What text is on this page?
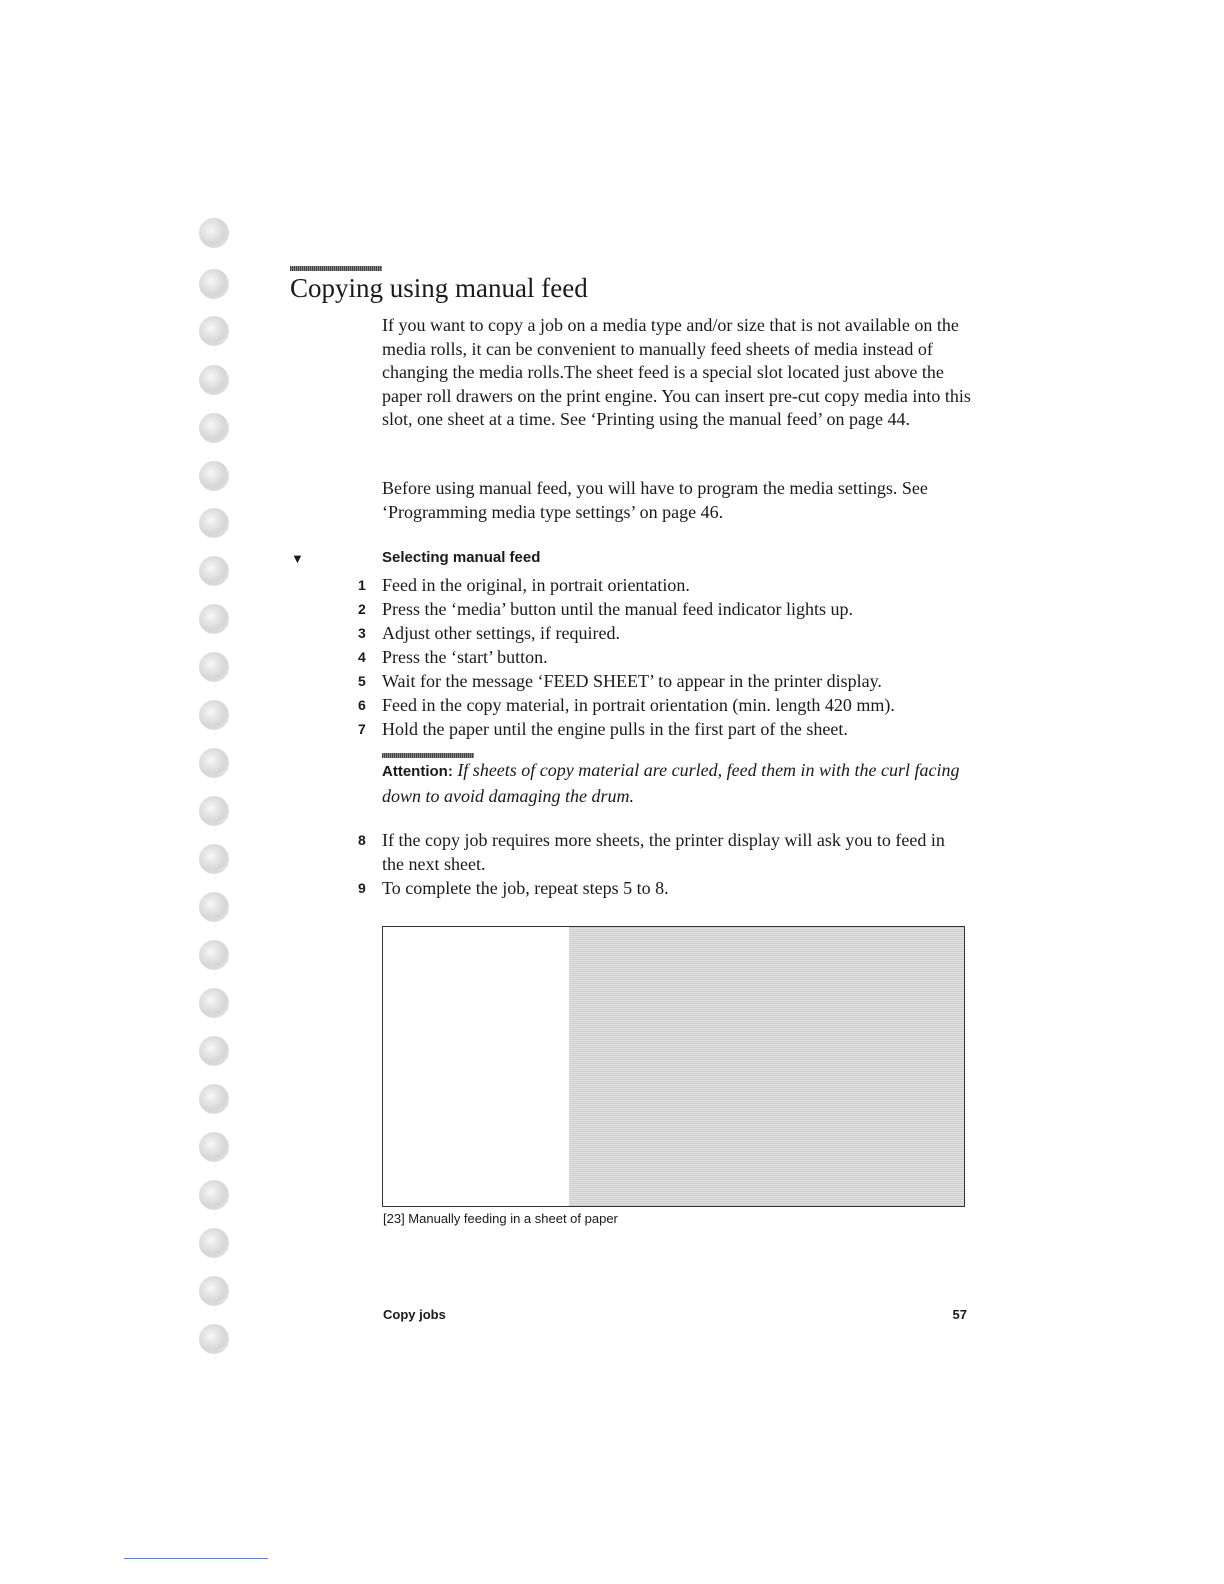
Copying using manual feed

If you want to copy a job on a media type and/or size that is not available on the media rolls, it can be convenient to manually feed sheets of media instead of changing the media rolls.The sheet feed is a special slot located just above the paper roll drawers on the print engine. You can insert pre-cut copy media into this slot, one sheet at a time. See ‘Printing using the manual feed’ on page 44.

Before using manual feed, you will have to program the media settings. See ‘Programming media type settings’ on page 46.

▼	Selecting manual feed
1 Feed in the original, in portrait orientation.
2 Press the ‘media’ button until the manual feed indicator lights up.
3 Adjust other settings, if required.
4 Press the ‘start’ button.
5 Wait for the message ‘FEED SHEET’ to appear in the printer display.
6 Feed in the copy material, in portrait orientation (min. length 420 mm).
7 Hold the paper until the engine pulls in the first part of the sheet.

Attention: If sheets of copy material are curled, feed them in with the curl facing down to avoid damaging the drum.

8 If the copy job requires more sheets, the printer display will ask you to feed in the next sheet.
9 To complete the job, repeat steps 5 to 8.

[23] Manually feeding in a sheet of paper

Copy jobs	57
